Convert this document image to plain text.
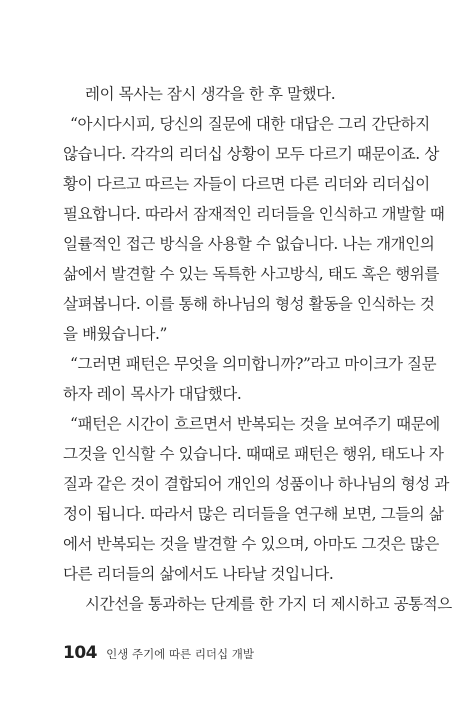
레이 목사는 잠시 생각을 한 후 말했다.
“아시다시피, 당신의 질문에 대한 대답은 그리 간단하지
않습니다. 각각의 리더십 상황이 모두 다르기 때문이죠. 상
황이 다르고 따르는 자들이 다르면 다른 리더와 리더십이
필요합니다. 따라서 잠재적인 리더들을 인식하고 개발할 때
일률적인 접근 방식을 사용할 수 없습니다. 나는 개개인의
삶에서 발견할 수 있는 독특한 사고방식, 태도 혹은 행위를
살펴봅니다. 이를 통해 하나님의 형성 활동을 인식하는 것
을 배웠습니다.”
“그러면 패턴은 무엇을 의미합니까?”라고 마이크가 질문
하자 레이 목사가 대답했다.
“패턴은 시간이 흐르면서 반복되는 것을 보여주기 때문에
그것을 인식할 수 있습니다. 때때로 패턴은 행위, 태도나 자
질과 같은 것이 결합되어 개인의 성품이나 하나님의 형성 과
정이 됩니다. 따라서 많은 리더들을 연구해 보면, 그들의 삶
에서 반복되는 것을 발견할 수 있으며, 아마도 그것은 많은
다른 리더들의 삶에서도 나타날 것입니다.
시간선을 통과하는 단계를 한 가지 더 제시하고 공통적으
104 인생 주기에 따른 리더십 개발
